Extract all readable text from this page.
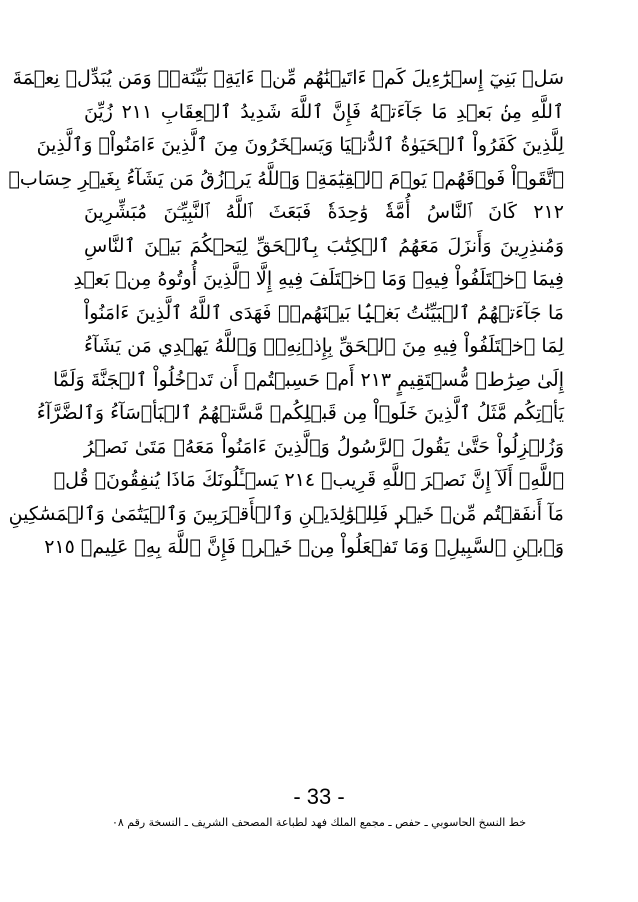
سَلۡ بَنِيٓ إِسۡرَٰٓءِيلَ كَمۡ ءَاتَيۡنَٰهُم مِّنۡ ءَايَةِۭ بَيِّنَةٖۗ وَمَن يُبَدِّلۡ نِعۡمَةَ
ٱللَّهِ مِنۢ بَعۡدِ مَا جَآءَتۡهُ فَإِنَّ ٱللَّهَ شَدِيدُ ٱلۡعِقَابِ ٢١١ زُيِّنَ
لِلَّذِينَ كَفَرُواْ ٱلۡحَيَوٰةُ ٱلدُّنۡيَا وَيَسۡخَرُونَ مِنَ ٱلَّذِينَ ءَامَنُواْۘ وَٱلَّذِينَ
ٱتَّقَوۡاْ فَوۡقَهُمۡ يَوۡمَ ٱلۡقِيَٰمَةِۗ وَٱللَّهُ يَرۡزُقُ مَن يَشَآءُ بِغَيۡرِ حِسَابٖ
٢١٢ كَانَ ٱلنَّاسُ أُمَّةٗ وَٰحِدَةٗ فَبَعَثَ ٱللَّهُ ٱلنَّبِيِّـۧنَ مُبَشِّرِينَ
وَمُنذِرِينَ وَأَنزَلَ مَعَهُمُ ٱلۡكِتَٰبَ بِٱلۡحَقِّ لِيَحۡكُمَ بَيۡنَ ٱلنَّاسِ
فِيمَا ٱخۡتَلَفُواْ فِيهِۚ وَمَا ٱخۡتَلَفَ فِيهِ إِلَّا ٱلَّذِينَ أُوتُوهُ مِنۢ بَعۡدِ
مَا جَآءَتۡهُمُ ٱلۡبَيِّنَٰتُ بَغۡيَۢا بَيۡنَهُمۡۖ فَهَدَى ٱللَّهُ ٱلَّذِينَ ءَامَنُواْ
لِمَا ٱخۡتَلَفُواْ فِيهِ مِنَ ٱلۡحَقِّ بِإِذۡنِهِۦۗ وَٱللَّهُ يَهۡدِي مَن يَشَآءُ
إِلَىٰ صِرَٰطٖ مُّسۡتَقِيمٍ ٢١٣ أَمۡ حَسِبۡتُمۡ أَن تَدۡخُلُواْ ٱلۡجَنَّةَ وَلَمَّا
يَأۡتِكُم مَّثَلُ ٱلَّذِينَ خَلَوۡاْ مِن قَبۡلِكُمۖ مَّسَّتۡهُمُ ٱلۡبَأۡسَآءُ وَٱلضَّرَّآءُ
وَزُلۡزِلُواْ حَتَّىٰ يَقُولَ ٱلرَّسُولُ وَٱلَّذِينَ ءَامَنُواْ مَعَهُۥ مَتَىٰ نَصۡرُ
ٱللَّهِۗ أَلَآ إِنَّ نَصۡرَ ٱللَّهِ قَرِيبٞ ٢١٤ يَسۡـَٔلُونَكَ مَاذَا يُنفِقُونَۖ قُلۡ
مَآ أَنفَقۡتُم مِّنۡ خَيۡرٖ فَلِلۡوَٰلِدَيۡنِ وَٱلۡأَقۡرَبِينَ وَٱلۡيَتَٰمَىٰ وَٱلۡمَسَٰكِينِ
وَٱبۡنِ ٱلسَّبِيلِۗ وَمَا تَفۡعَلُواْ مِنۡ خَيۡرٖ فَإِنَّ ٱللَّهَ بِهِۦ عَلِيمٞ ٢١٥
- 33 -
خط النسخ الحاسوبي ـ حفص ـ مجمع الملك فهد لطباعة المصحف الشريف ـ النسخة رقم ٠٨
